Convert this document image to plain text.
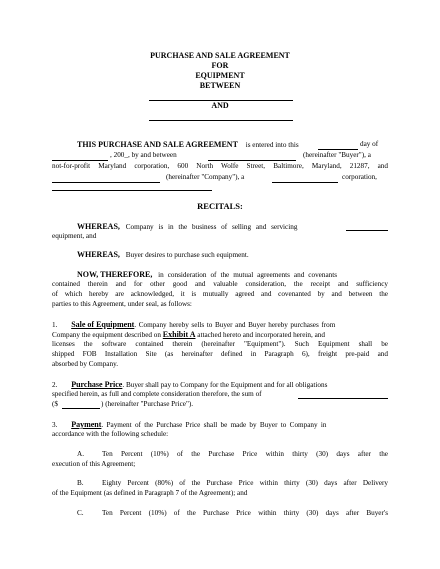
PURCHASE AND SALE AGREEMENT
FOR
EQUIPMENT
BETWEEN
AND
THIS PURCHASE AND SALE AGREEMENT is entered into this	day of
, 200_, by and between	(hereinafter "Buyer"), a
not-for-profit Maryland corporation, 600 North Wolfe Street, Baltimore, Maryland, 21287, and
(hereinafter "Company"), a	corporation,
RECITALS:
WHEREAS, Company is in the business of selling and servicing
equipment, and
WHEREAS, Buyer desires to purchase such equipment.
NOW, THEREFORE, in consideration of the mutual agreements and covenants
contained therein and for other good and valuable consideration, the receipt and sufficiency
of which hereby are acknowledged, it is mutually agreed and covenanted by and between the
parties to this Agreement, under seal, as follows:
1. Sale of Equipment. Company hereby sells to Buyer and Buyer hereby purchases from
Company the equipment described on Exhibit A attached hereto and incorporated herein, and
licenses the software contained therein (hereinafter "Equipment"). Such Equipment shall be
shipped FOB Installation Site (as hereinafter defined in Paragraph 6), freight pre-paid and
absorbed by Company.
2. Purchase Price. Buyer shall pay to Company for the Equipment and for all obligations
specified herein, as full and complete consideration therefore, the sum of
($	) (hereinafter "Purchase Price").
3. Payment. Payment of the Purchase Price shall be made by Buyer to Company in
accordance with the following schedule:
A.	Ten Percent (10%) of the Purchase Price within thirty (30) days after the
execution of this Agreement;
B.	Eighty Percent (80%) of the Purchase Price within thirty (30) days after Delivery
of the Equipment (as defined in Paragraph 7 of the Agreement); and
C.	Ten Percent (10%) of the Purchase Price within thirty (30) days after Buyer's
